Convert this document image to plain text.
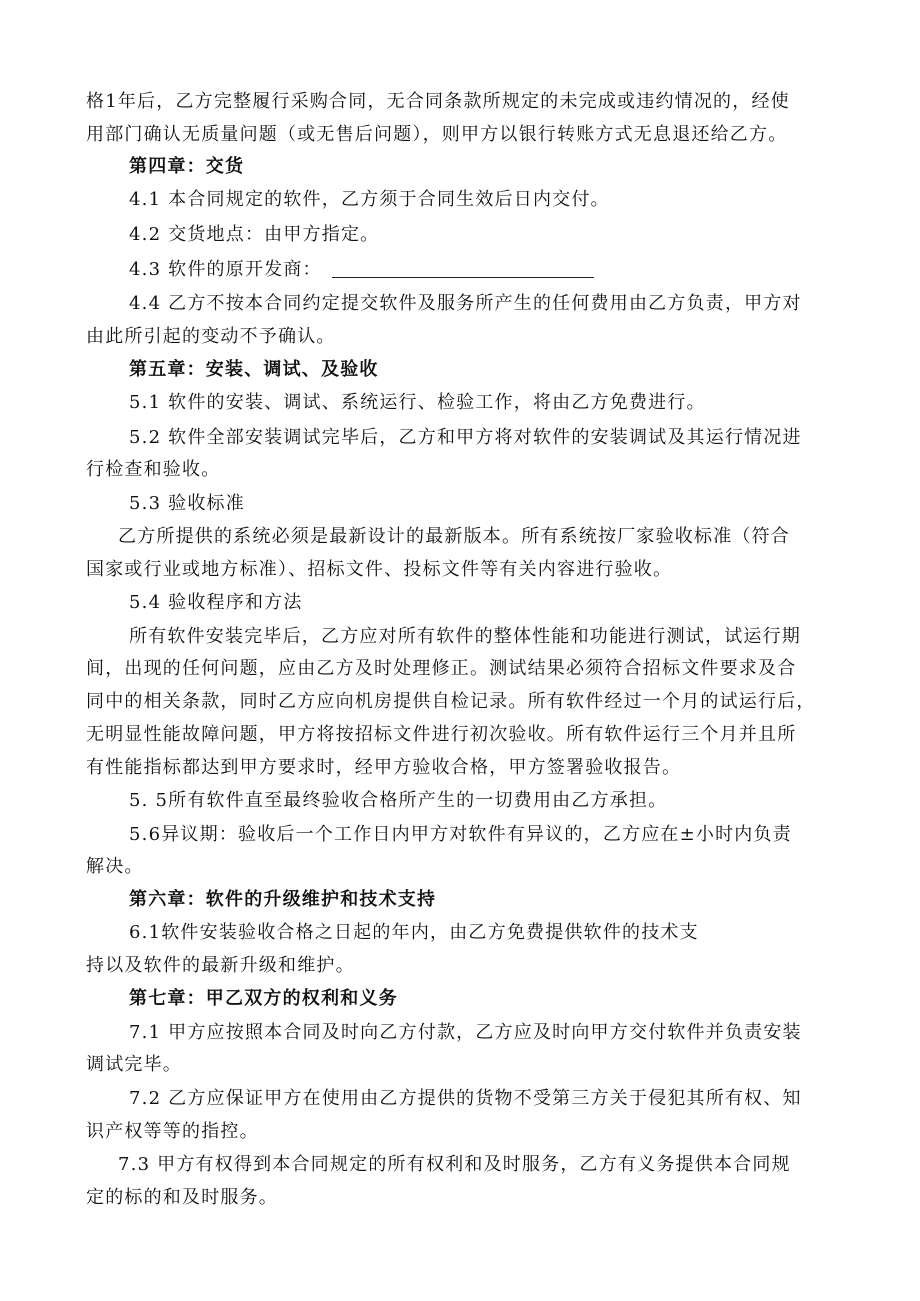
格1年后，乙方完整履行采购合同，无合同条款所规定的未完成或违约情况的，经使
用部门确认无质量问题（或无售后问题），则甲方以银行转账方式无息退还给乙方。
第四章：交货
4.1 本合同规定的软件，乙方须于合同生效后日内交付。
4.2 交货地点：由甲方指定。
4.3 软件的原开发商：
4.4 乙方不按本合同约定提交软件及服务所产生的任何费用由乙方负责，甲方对
由此所引起的变动不予确认。
第五章：安装、调试、及验收
5.1 软件的安装、调试、系统运行、检验工作，将由乙方免费进行。
5.2 软件全部安装调试完毕后，乙方和甲方将对软件的安装调试及其运行情况进
行检查和验收。
5.3 验收标准
乙方所提供的系统必须是最新设计的最新版本。所有系统按厂家验收标准（符合
国家或行业或地方标准）、招标文件、投标文件等有关内容进行验收。
5.4 验收程序和方法
所有软件安装完毕后，乙方应对所有软件的整体性能和功能进行测试，试运行期
间，出现的任何问题，应由乙方及时处理修正。测试结果必须符合招标文件要求及合
同中的相关条款，同时乙方应向机房提供自检记录。所有软件经过一个月的试运行后，
无明显性能故障问题，甲方将按招标文件进行初次验收。所有软件运行三个月并且所
有性能指标都达到甲方要求时，经甲方验收合格，甲方签署验收报告。
5. 5所有软件直至最终验收合格所产生的一切费用由乙方承担。
5.6异议期：验收后一个工作日内甲方对软件有异议的，乙方应在±小时内负责
解决。
第六章：软件的升级维护和技术支持
6.1软件安装验收合格之日起的年内，由乙方免费提供软件的技术支
持以及软件的最新升级和维护。
第七章：甲乙双方的权利和义务
7.1 甲方应按照本合同及时向乙方付款，乙方应及时向甲方交付软件并负责安装
调试完毕。
7.2 乙方应保证甲方在使用由乙方提供的货物不受第三方关于侵犯其所有权、知
识产权等等的指控。
7.3 甲方有权得到本合同规定的所有权利和及时服务，乙方有义务提供本合同规
定的标的和及时服务。
